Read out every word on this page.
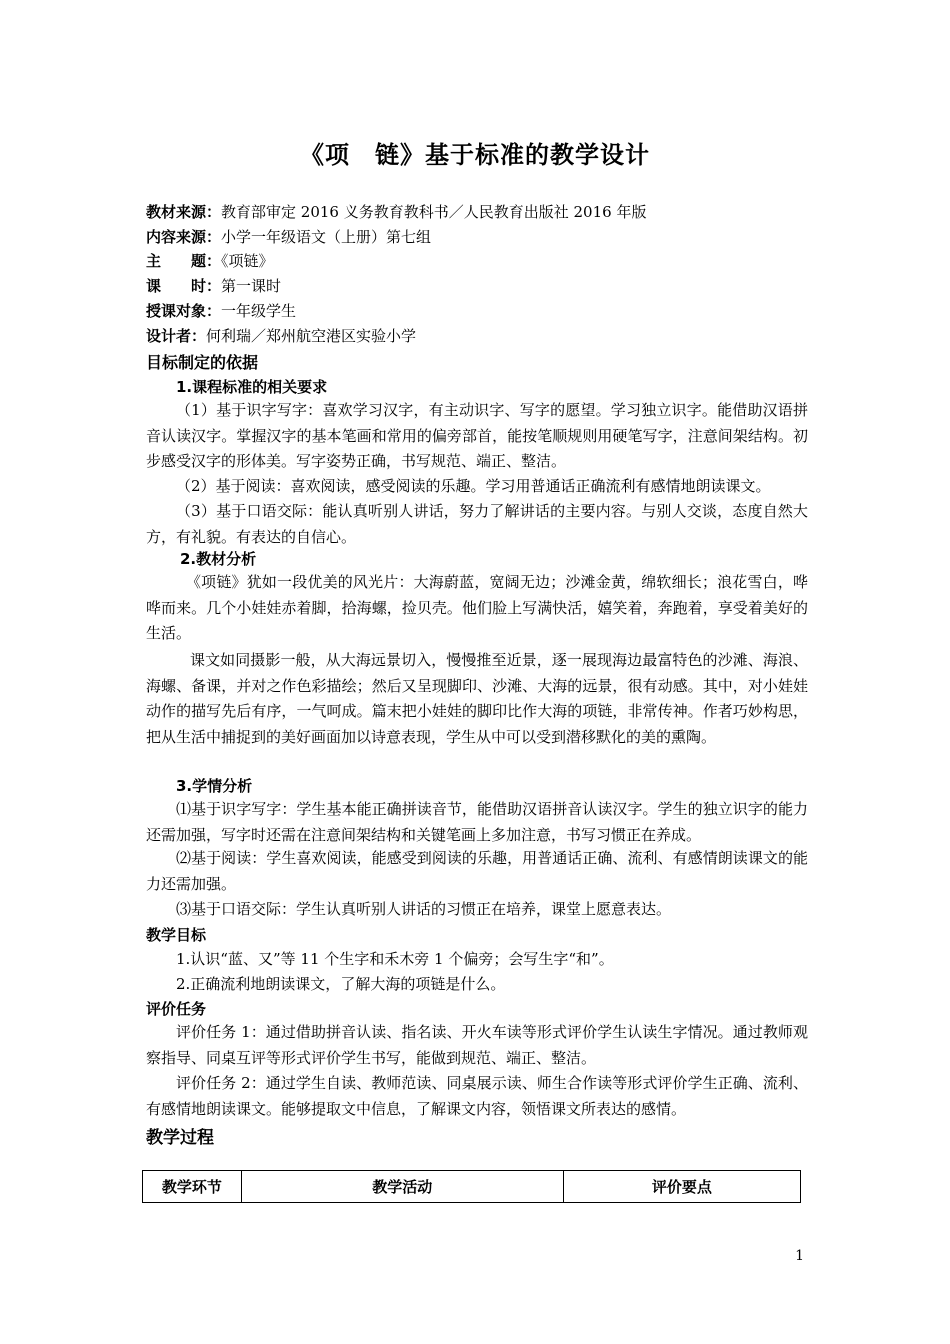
《项　链》基于标准的教学设计
教材来源：教育部审定 2016 义务教育教科书／人民教育出版社 2016 年版
内容来源：小学一年级语文（上册）第七组
主　　题：《项链》
课　　时：第一课时
授课对象：一年级学生
设计者：何利瑞／郑州航空港区实验小学
目标制定的依据
1.课程标准的相关要求
（1）基于识字写字：喜欢学习汉字，有主动识字、写字的愿望。学习独立识字。能借助汉语拼音认读汉字。掌握汉字的基本笔画和常用的偏旁部首，能按笔顺规则用硬笔写字，注意间架结构。初步感受汉字的形体美。写字姿势正确，书写规范、端正、整洁。
（2）基于阅读：喜欢阅读，感受阅读的乐趣。学习用普通话正确流利有感情地朗读课文。
（3）基于口语交际：能认真听别人讲话，努力了解讲话的主要内容。与别人交谈，态度自然大方，有礼貌。有表达的自信心。
2.教材分析
《项链》犹如一段优美的风光片：大海蔚蓝，宽阔无边；沙滩金黄，绵软细长；浪花雪白，哗哗而来。几个小娃娃赤着脚，拾海螺，捡贝壳。他们脸上写满快活，嬉笑着，奔跑着，享受着美好的生活。
课文如同摄影一般，从大海远景切入，慢慢推至近景，逐一展现海边最富特色的沙滩、海浪、海螺、备课，并对之作色彩描绘；然后又呈现脚印、沙滩、大海的远景，很有动感。其中，对小娃娃动作的描写先后有序，一气呵成。篇末把小娃娃的脚印比作大海的项链，非常传神。作者巧妙构思，把从生活中捕捉到的美好画面加以诗意表现，学生从中可以受到潜移默化的美的熏陶。
3.学情分析
⑴基于识字写字：学生基本能正确拼读音节，能借助汉语拼音认读汉字。学生的独立识字的能力还需加强，写字时还需在注意间架结构和关键笔画上多加注意，书写习惯正在养成。
⑵基于阅读：学生喜欢阅读，能感受到阅读的乐趣，用普通话正确、流利、有感情朗读课文的能力还需加强。
⑶基于口语交际：学生认真听别人讲话的习惯正在培养，课堂上愿意表达。
教学目标
1.认识“蓝、又”等 11 个生字和禾木旁 1 个偏旁；会写生字“和”。
2.正确流利地朗读课文，了解大海的项链是什么。
评价任务
评价任务 1：通过借助拼音认读、指名读、开火车读等形式评价学生认读生字情况。通过教师观察指导、同桌互评等形式评价学生书写，能做到规范、端正、整洁。
评价任务 2：通过学生自读、教师范读、同桌展示读、师生合作读等形式评价学生正确、流利、有感情地朗读课文。能够提取文中信息，了解课文内容，领悟课文所表达的感情。
教学过程
教学环节	教学活动	评价要点
1
